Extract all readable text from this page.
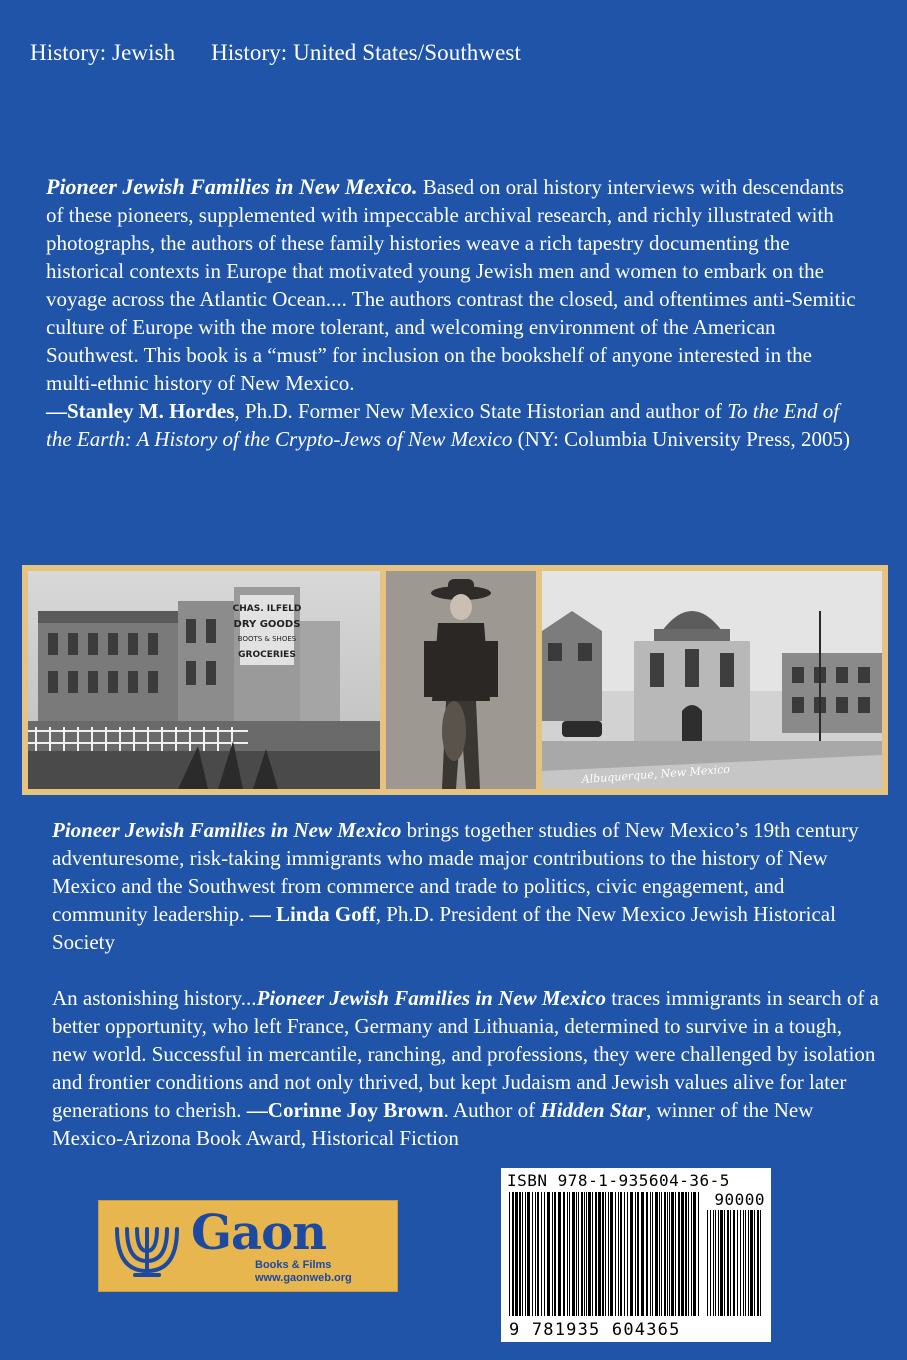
History: Jewish History: United States/Southwest

Pioneer Jewish Families in New Mexico. Based on oral history interviews with descendants of these pioneers, supplemented with impeccable archival research, and richly illustrated with photographs, the authors of these family histories weave a rich tapestry documenting the historical contexts in Europe that motivated young Jewish men and women to embark on the voyage across the Atlantic Ocean.... The authors contrast the closed, and oftentimes anti-Semitic culture of Europe with the more tolerant, and welcoming environment of the American Southwest. This book is a “must” for inclusion on the bookshelf of anyone interested in the multi-ethnic history of New Mexico.

—Stanley M. Hordes, Ph.D. Former New Mexico State Historian and author of To the End of the Earth: A History of the Crypto-Jews of New Mexico (NY: Columbia University Press, 2005)

CHAS. ILFELD
DRY GOODS
BOOTS & SHOES
GROCERIES
Albuquerque, New Mexico

Pioneer Jewish Families in New Mexico brings together studies of New Mexico’s 19th century adventuresome, risk-taking immigrants who made major contributions to the history of New Mexico and the Southwest from commerce and trade to politics, civic engagement, and community leadership. — Linda Goff, Ph.D. President of the New Mexico Jewish Historical Society

An astonishing history...Pioneer Jewish Families in New Mexico traces immigrants in search of a better opportunity, who left France, Germany and Lithuania, determined to survive in a tough, new world. Successful in mercantile, ranching, and professions, they were challenged by isolation and frontier conditions and not only thrived, but kept Judaism and Jewish values alive for later generations to cherish. —Corinne Joy Brown. Author of Hidden Star, winner of the New Mexico-Arizona Book Award, Historical Fiction

Gaon
Books & Films
www.gaonweb.org
ISBN 978-1-935604-36-5
90000
9 781935 604365
